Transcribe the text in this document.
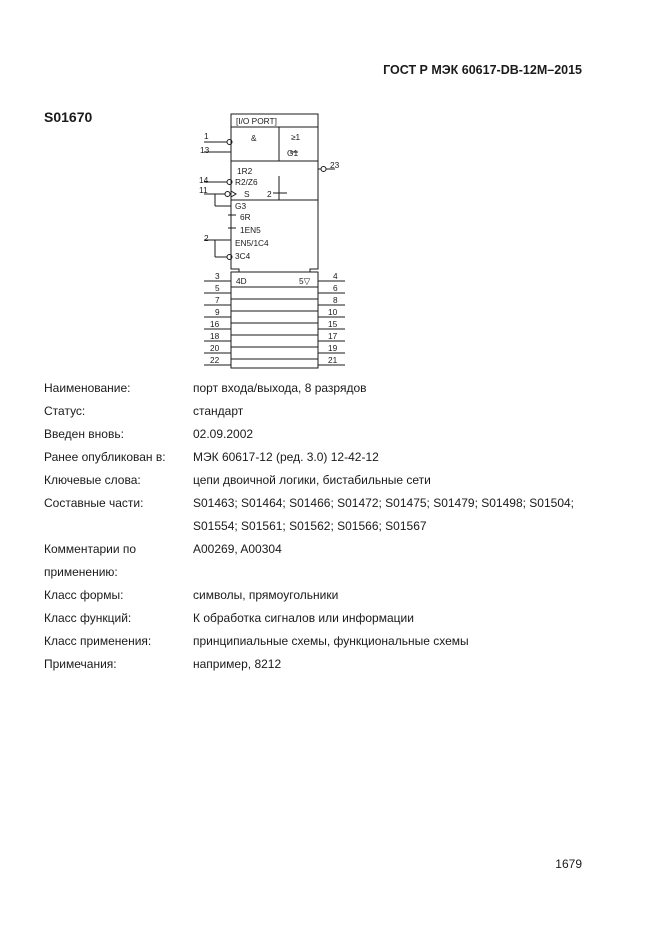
ГОСТ Р МЭК 60617-DB-12M–2015
S01670	[I/O PORT]
&	≥1
G1
1R2
R2/Z6
S 2
G3
6R
1EN5
EN5/1C4
3C4
4D	5▽
1
13
14
11
2
3
5
7
9
16
18
20
22
23
4
6
8
10
15
17
19
21
Наименование:	порт входа/выхода, 8 разрядов
Статус:	стандарт
Введен вновь:	02.09.2002
Ранее опубликован в:	МЭК 60617-12 (ред. 3.0) 12-42-12
Ключевые слова:	цепи двоичной логики, бистабильные сети
Составные части:	S01463; S01464; S01466; S01472; S01475; S01479; S01498; S01504; S01554; S01561; S01562; S01566; S01567
Комментарии по применению:
A00269, A00304
Класс формы:	символы, прямоугольники
Класс функций:	К обработка сигналов или информации
Класс применения:	принципиальные схемы, функциональные схемы
Примечания:	например, 8212
1679
